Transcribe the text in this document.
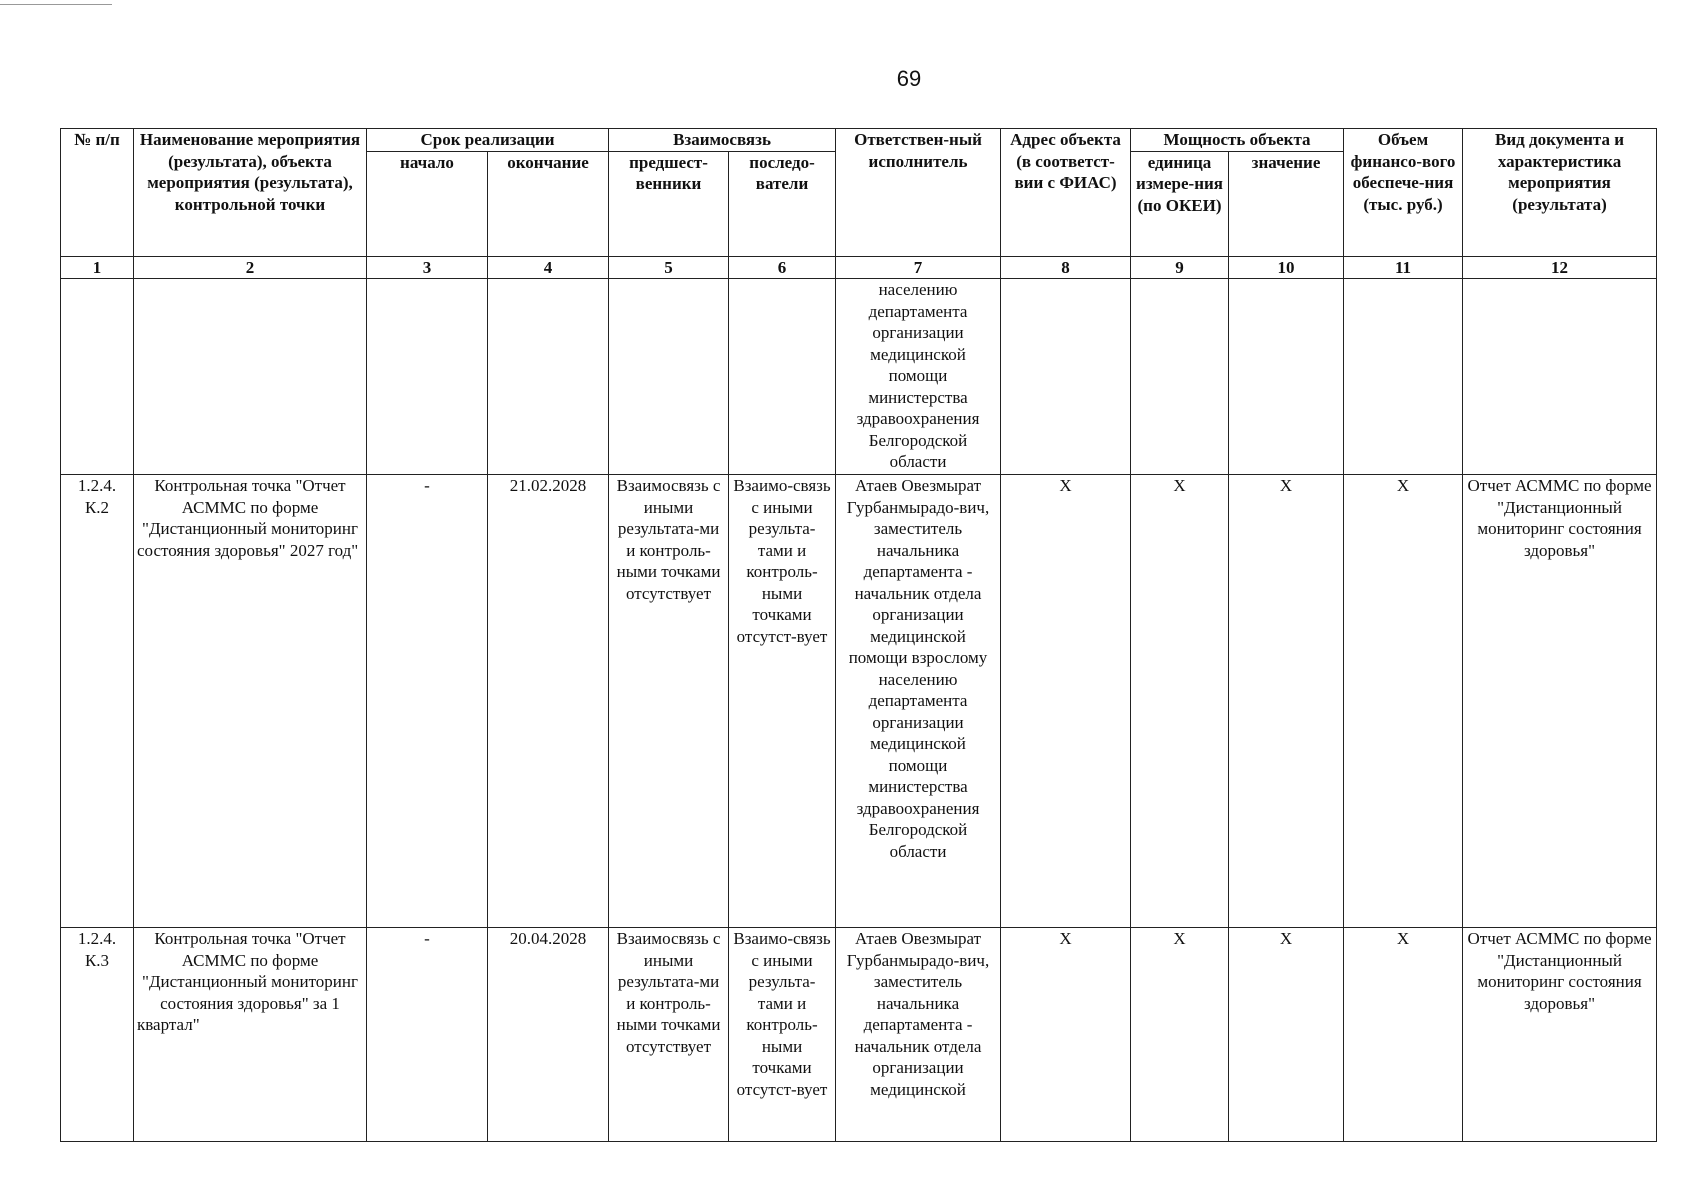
69
№ п/п	Наименование мероприятия (результата), объекта мероприятия (результата), контрольной точки	Срок реализации		Взаимосвязь		Ответствен-ный исполнитель	Адрес объекта (в соответст-вии с ФИАС)	Мощность объекта		Объем финансо-вого обеспече-ния (тыс. руб.)	Вид документа и характеристика мероприятия (результата)
		начало	окончание	предшест-венники	последо-ватели			единица измере-ния (по ОКЕИ)	значение		
1	2	3	4	5	6	7	8	9	10	11	12
						населению департамента организации медицинской помощи министерства здравоохранения Белгородской области					
1.2.4. К.2	Контрольная точка "Отчет АСММС по форме "Дистанционный мониторинг состояния здоровья" 2027 год"	-	21.02.2028	Взаимосвязь с иными результата-ми и контроль-ными точками отсутствует	Взаимо-связь с иными результа-тами и контроль-ными точками отсутст-вует	Атаев Овезмырат Гурбанмырадо-вич, заместитель начальника департамента - начальник отдела организации медицинской помощи взрослому населению департамента организации медицинской помощи министерства здравоохранения Белгородской области	X	X	X	X	Отчет АСММС по форме "Дистанционный мониторинг состояния здоровья"
1.2.4. К.3	Контрольная точка "Отчет АСММС по форме "Дистанционный мониторинг состояния здоровья" за 1 квартал"	-	20.04.2028	Взаимосвязь с иными результата-ми и контроль-ными точками отсутствует	Взаимо-связь с иными результа-тами и контроль-ными точками отсутст-вует	Атаев Овезмырат Гурбанмырадо-вич, заместитель начальника департамента - начальник отдела организации медицинской	X	X	X	X	Отчет АСММС по форме "Дистанционный мониторинг состояния здоровья"
